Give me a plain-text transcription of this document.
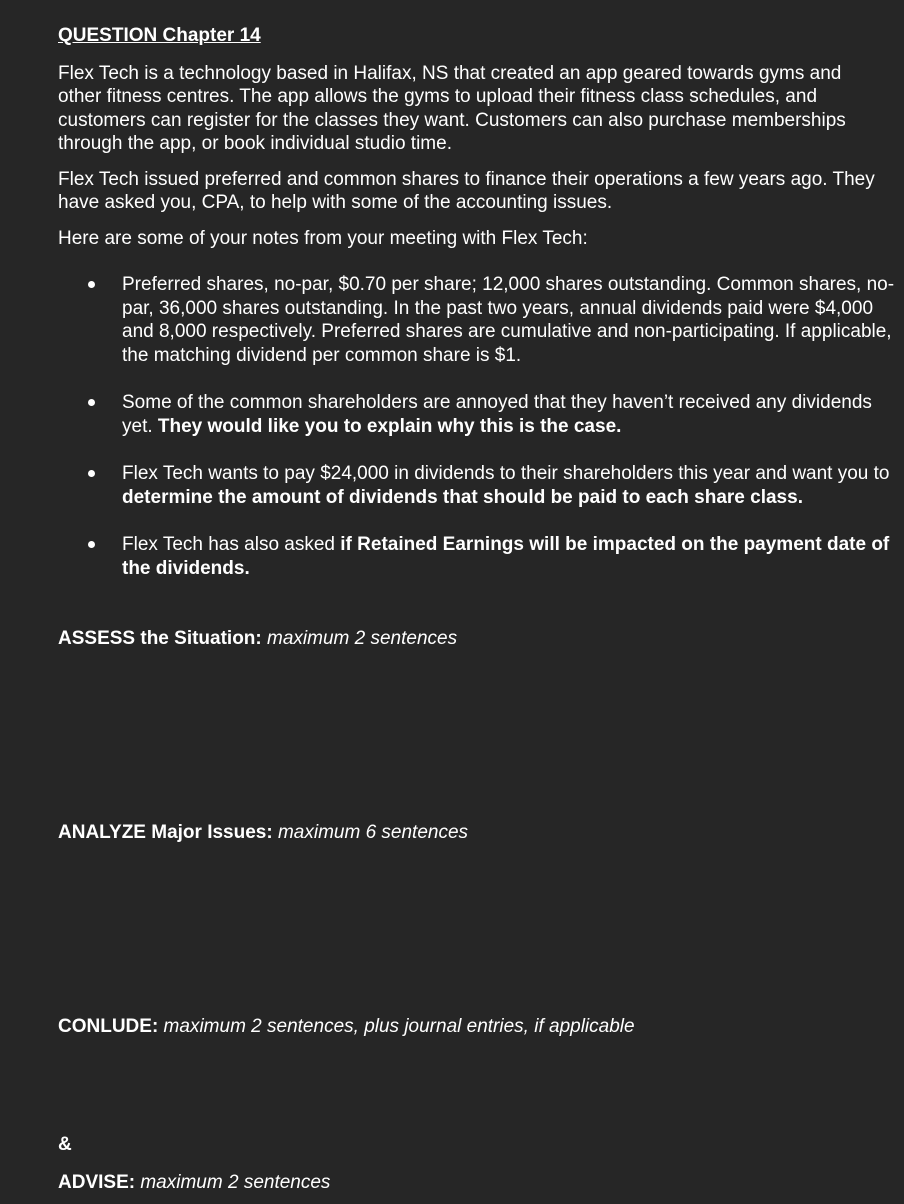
QUESTION Chapter 14

Flex Tech is a technology based in Halifax, NS that created an app geared towards gyms and other fitness centres. The app allows the gyms to upload their fitness class schedules, and customers can register for the classes they want. Customers can also purchase memberships through the app, or book individual studio time.

Flex Tech issued preferred and common shares to finance their operations a few years ago. They have asked you, CPA, to help with some of the accounting issues.

Here are some of your notes from your meeting with Flex Tech:

Preferred shares, no-par, $0.70 per share; 12,000 shares outstanding. Common shares, no-par, 36,000 shares outstanding. In the past two years, annual dividends paid were $4,000 and 8,000 respectively. Preferred shares are cumulative and non-participating. If applicable, the matching dividend per common share is $1.
Some of the common shareholders are annoyed that they haven’t received any dividends yet. They would like you to explain why this is the case.
Flex Tech wants to pay $24,000 in dividends to their shareholders this year and want you to determine the amount of dividends that should be paid to each share class.
Flex Tech has also asked if Retained Earnings will be impacted on the payment date of the dividends.
ASSESS the Situation: maximum 2 sentences
ANALYZE Major Issues: maximum 6 sentences
CONLUDE: maximum 2 sentences, plus journal entries, if applicable
&
ADVISE: maximum 2 sentences
